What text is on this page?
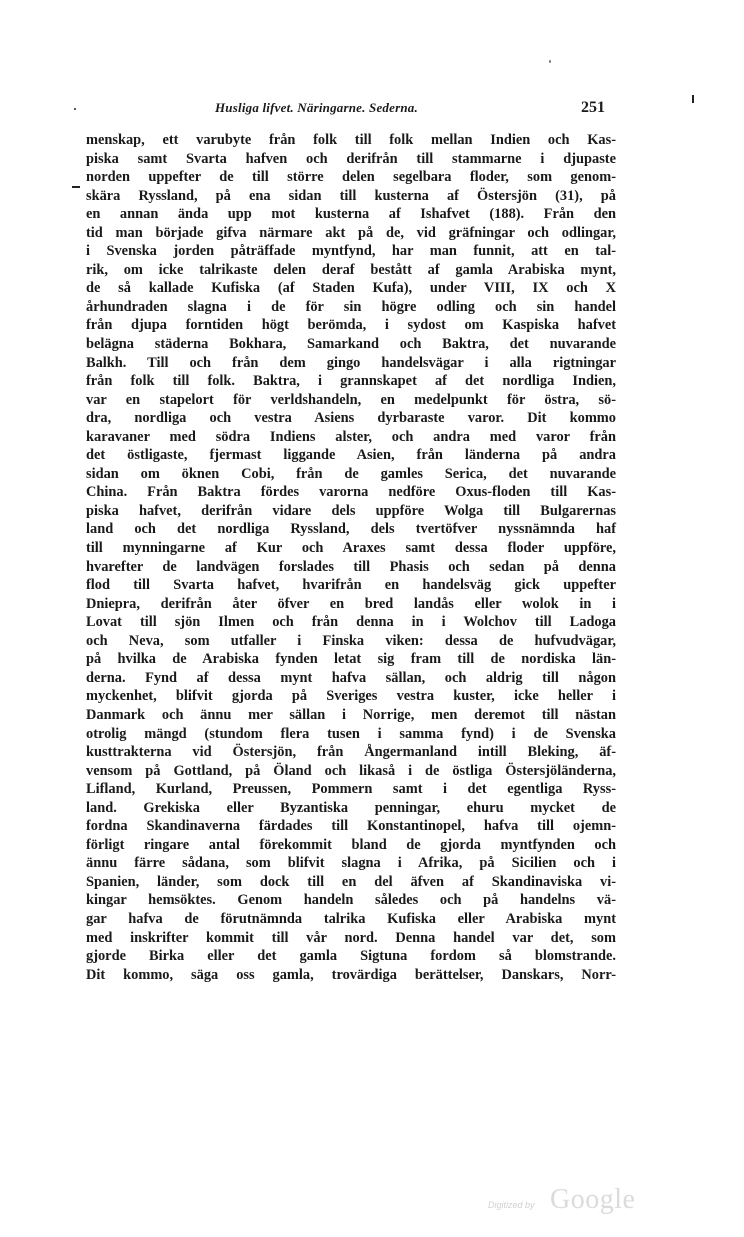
Husliga lifvet. Näringarne. Sederna.	251
menskap, ett varubyte från folk till folk mellan Indien och Kas-
piska samt Svarta hafven och derifrån till stammarne i djupaste
norden uppefter de till större delen segelbara floder, som genom-
skära Ryssland, på ena sidan till kusterna af Östersjön (31), på
en annan ända upp mot kusterna af Ishafvet (188). Från den
tid man började gifva närmare akt på de, vid gräfningar och odlingar,
i Svenska jorden påträffade myntfynd, har man funnit, att en tal-
rik, om icke talrikaste delen deraf bestått af gamla Arabiska mynt,
de så kallade Kufiska (af Staden Kufa), under VIII, IX och X
århundraden slagna i de för sin högre odling och sin handel
från djupa forntiden högt berömda, i sydost om Kaspiska hafvet
belägna städerna Bokhara, Samarkand och Baktra, det nuvarande
Balkh. Till och från dem gingo handelsvägar i alla rigtningar
från folk till folk. Baktra, i grannskapet af det nordliga Indien,
var en stapelort för verldshandeln, en medelpunkt för östra, sö-
dra, nordliga och vestra Asiens dyrbaraste varor. Dit kommo
karavaner med södra Indiens alster, och andra med varor från
det östligaste, fjermast liggande Asien, från länderna på andra
sidan om öknen Cobi, från de gamles Serica, det nuvarande
China. Från Baktra fördes varorna nedföre Oxus-floden till Kas-
piska hafvet, derifrån vidare dels uppföre Wolga till Bulgarernas
land och det nordliga Ryssland, dels tvertöfver nyssnämnda haf
till mynningarne af Kur och Araxes samt dessa floder uppföre,
hvarefter de landvägen forslades till Phasis och sedan på denna
flod till Svarta hafvet, hvarifrån en handelsväg gick uppefter
Dniepra, derifrån åter öfver en bred landås eller wolok in i
Lovat till sjön Ilmen och från denna in i Wolchov till Ladoga
och Neva, som utfaller i Finska viken: dessa de hufvudvägar,
på hvilka de Arabiska fynden letat sig fram till de nordiska län-
derna. Fynd af dessa mynt hafva sällan, och aldrig till någon
myckenhet, blifvit gjorda på Sveriges vestra kuster, icke heller i
Danmark och ännu mer sällan i Norrige, men deremot till nästan
otrolig mängd (stundom flera tusen i samma fynd) i de Svenska
kusttrakterna vid Östersjön, från Ångermanland intill Bleking, äf-
vensom på Gottland, på Öland och likaså i de östliga Östersjöländerna,
Lifland, Kurland, Preussen, Pommern samt i det egentliga Ryss-
land. Grekiska eller Byzantiska penningar, ehuru mycket de
fordna Skandinaverna färdades till Konstantinopel, hafva till ojemn-
förligt ringare antal förekommit bland de gjorda myntfynden och
ännu färre sådana, som blifvit slagna i Afrika, på Sicilien och i
Spanien, länder, som dock till en del äfven af Skandinaviska vi-
kingar hemsöktes. Genom handeln således och på handelns vä-
gar hafva de förutnämnda talrika Kufiska eller Arabiska mynt
med inskrifter kommit till vår nord. Denna handel var det, som
gjorde Birka eller det gamla Sigtuna fordom så blomstrande.
Dit kommo, säga oss gamla, trovärdiga berättelser, Danskars, Norr-
Digitized by Google
